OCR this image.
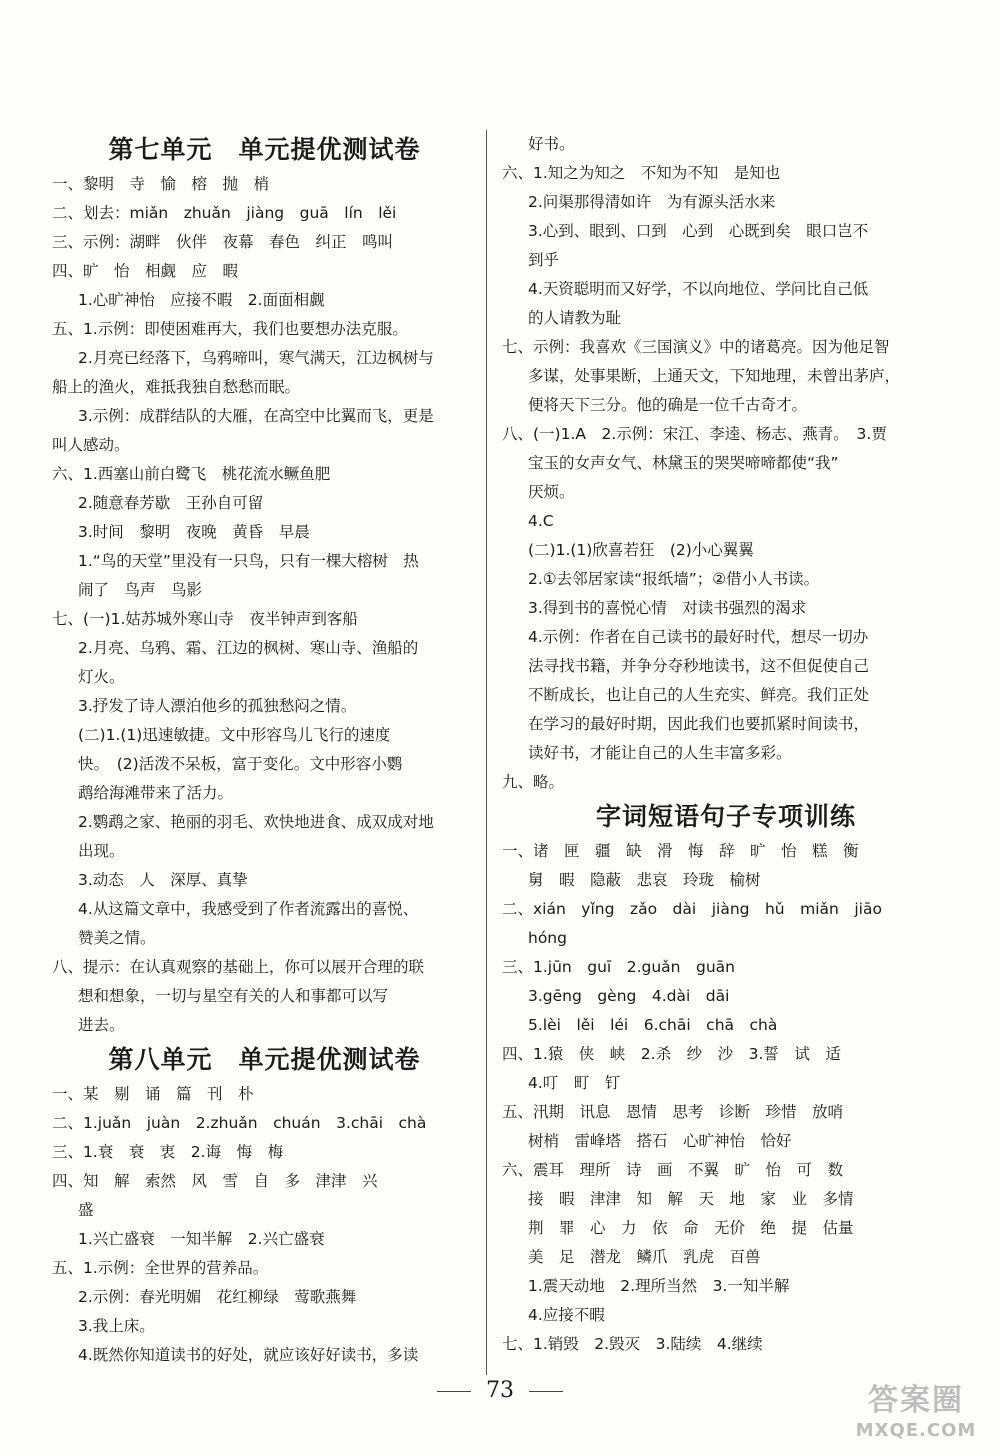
第七单元　单元提优测试卷
一、黎明　寺　愉　榕　抛　梢
二、划去：miǎn　zhuǎn　jiàng　guā　lín　lěi
三、示例：湖畔　伙伴　夜幕　春色　纠正　鸣叫
四、旷　怡　相觑　应　暇
1.心旷神怡　应接不暇　2.面面相觑
五、1.示例：即使困难再大，我们也要想办法克服。
2.月亮已经落下，乌鸦啼叫，寒气满天，江边枫树与
船上的渔火，难抵我独自愁愁而眠。
3.示例：成群结队的大雁，在高空中比翼而飞，更是
叫人感动。
六、1.西塞山前白鹭飞　桃花流水鳜鱼肥
2.随意春芳歇　王孙自可留
3.时间　黎明　夜晚　黄昏　早晨
1.“鸟的天堂”里没有一只鸟，只有一棵大榕树　热
闹了　鸟声　鸟影
七、(一)1.姑苏城外寒山寺　夜半钟声到客船
2.月亮、乌鸦、霜、江边的枫树、寒山寺、渔船的
灯火。
3.抒发了诗人漂泊他乡的孤独愁闷之情。
(二)1.(1)迅速敏捷。文中形容鸟儿飞行的速度
快。　(2)活泼不呆板，富于变化。文中形容小鹦
鹉给海滩带来了活力。
2.鹦鹉之家、艳丽的羽毛、欢快地进食、成双成对地
出现。
3.动态　人　深厚、真挚
4.从这篇文章中，我感受到了作者流露出的喜悦、
赞美之情。
八、提示：在认真观察的基础上，你可以展开合理的联
想和想象，一切与星空有关的人和事都可以写
进去。
第八单元　单元提优测试卷
一、某　剔　诵　篇　刊　朴
二、1.juǎn　juàn　2.zhuǎn　chuán　3.chāi　chà
三、1.衰　衰　衷　2.诲　悔　梅
四、知　解　索然　风　雪　自　多　津津　兴
盛
1.兴亡盛衰　一知半解　2.兴亡盛衰
五、1.示例：全世界的营养品。
2.示例：春光明媚　花红柳绿　莺歌燕舞
3.我上床。
4.既然你知道读书的好处，就应该好好读书，多读
好书。
六、1.知之为知之　不知为不知　是知也
2.问渠那得清如许　为有源头活水来
3.心到、眼到、口到　心到　心既到矣　眼口岂不
到乎
4.天资聪明而又好学，不以向地位、学问比自己低
的人请教为耻
七、示例：我喜欢《三国演义》中的诸葛亮。因为他足智
多谋，处事果断，上通天文，下知地理，未曾出茅庐，
便将天下三分。他的确是一位千古奇才。
八、(一)1.A　2.示例：宋江、李逵、杨志、燕青。　3.贾
宝玉的女声女气、林黛玉的哭哭啼啼都使“我”
厌烦。
4.C
(二)1.(1)欣喜若狂　(2)小心翼翼
2.①去邻居家读“报纸墙”；②借小人书读。
3.得到书的喜悦心情　对读书强烈的渴求
4.示例：作者在自己读书的最好时代，想尽一切办
法寻找书籍，并争分夺秒地读书，这不但促使自己
不断成长，也让自己的人生充实、鲜亮。我们正处
在学习的最好时期，因此我们也要抓紧时间读书，
读好书，才能让自己的人生丰富多彩。
九、略。
字词短语句子专项训练
一、诸　匣　疆　缺　滑　悔　辞　旷　怡　糕　衡
舅　暇　隐蔽　悲哀　玲珑　榆树
二、xián　yǐng　zǎo　dài　jiàng　hǔ　miǎn　jiāo
hóng
三、1.jūn　guī　2.guǎn　guān
3.gēng　gèng　4.dài　dāi
5.lèi　lěi　léi　6.chāi　chā　chà
四、1.猿　侠　峡　2.杀　纱　沙　3.誓　试　适
4.叮　町　钉
五、汛期　讯息　恩情　思考　诊断　珍惜　放哨
树梢　雷峰塔　搭石　心旷神怡　恰好
六、震耳　理所　诗　画　不翼　旷　怡　可　数
接　暇　津津　知　解　天　地　家　业　多情
荆　罪　心　力　依　命　无价　绝　提　估量
美　足　潜龙　鳞爪　乳虎　百兽
1.震天动地　2.理所当然　3.一知半解
4.应接不暇
七、1.销毁　2.毁灭　3.陆续　4.继续
73	答案圈
MXQE.COM
